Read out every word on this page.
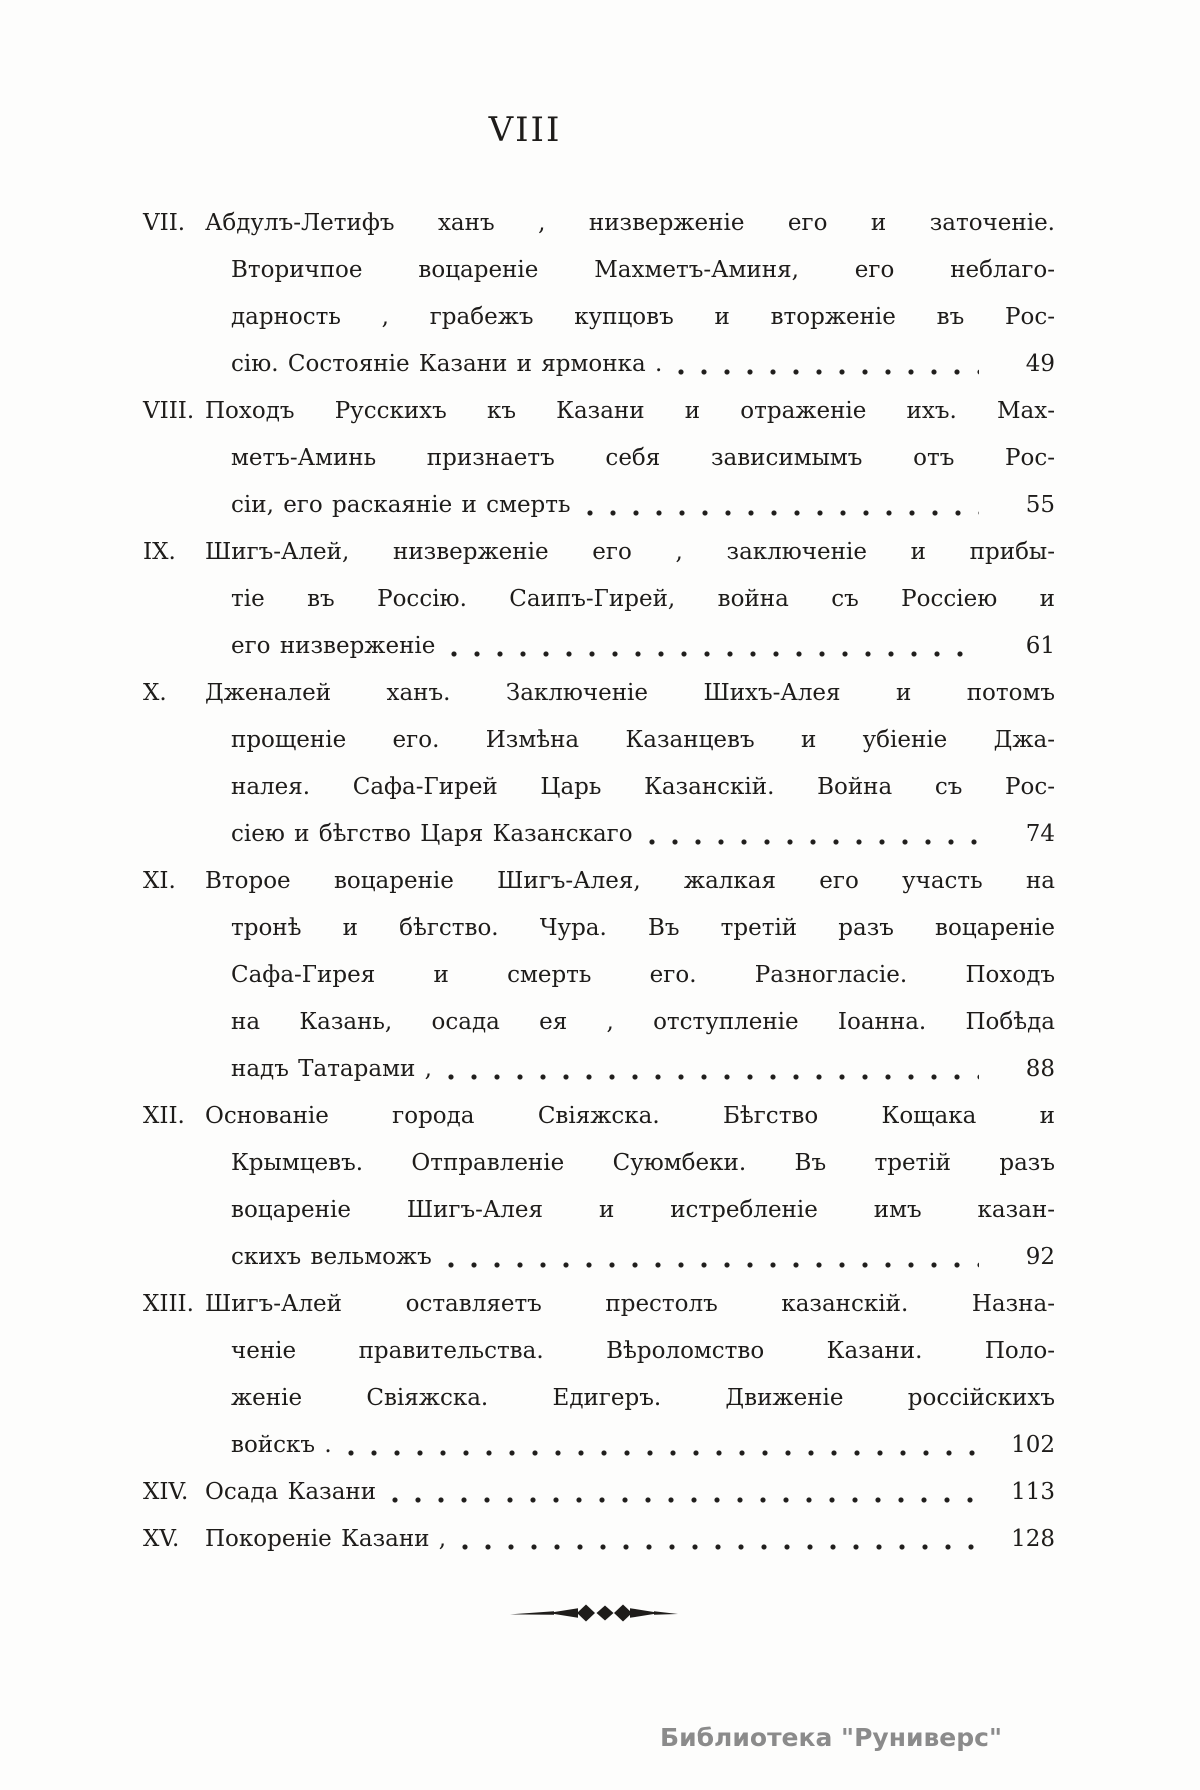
VIII
VII. Абдулъ-Летифъ ханъ , низверженіе его и заточеніе.
Вторичпое воцареніе Махметъ-Аминя, его неблаго-
дарность , грабежъ купцовъ и вторженіе въ Рос-
сію. Состояніе Казани и ярмонка .	49
VIII. Походъ Русскихъ къ Казани и отраженіе ихъ. Мах-
метъ-Аминь признаетъ себя зависимымъ отъ Рос-
сіи, его раскаяніе и смерть	55
IX. Шигъ-Алей, низверженіе его , заключеніе и прибы-
тіе въ Россію. Саипъ-Гирей, война съ Россіею и
его низверженіе	61
X. Дженалей ханъ. Заключеніе Шихъ-Алея и потомъ
прощеніе его. Измѣна Казанцевъ и убіеніе Джа-
налея. Сафа-Гирей Царь Казанскій. Война съ Рос-
сіею и бѣгство Царя Казанскаго	74
XI. Второе воцареніе Шигъ-Алея, жалкая его участь на
тронѣ и бѣгство. Чура. Въ третій разъ воцареніе
Сафа-Гирея и смерть его. Разногласіе. Походъ
на Казань, осада ея , отступленіе Іоанна. Побѣда
надъ Татарами ,	88
XII. Основаніе города Свіяжска. Бѣгство Кощака и
Крымцевъ. Отправленіе Суюмбеки. Въ третій разъ
воцареніе Шигъ-Алея и истребленіе имъ казан-
скихъ вельможъ	92
XIII. Шигъ-Алей оставляетъ престолъ казанскій. Назна-
ченіе правительства. Вѣроломство Казани. Поло-
женіе Свіяжска. Едигеръ. Движеніе россійскихъ
войскъ .	102
XIV. Осада Казани	113
XV. Покореніе Казани ,	128
Библиотека "Руниверс"
